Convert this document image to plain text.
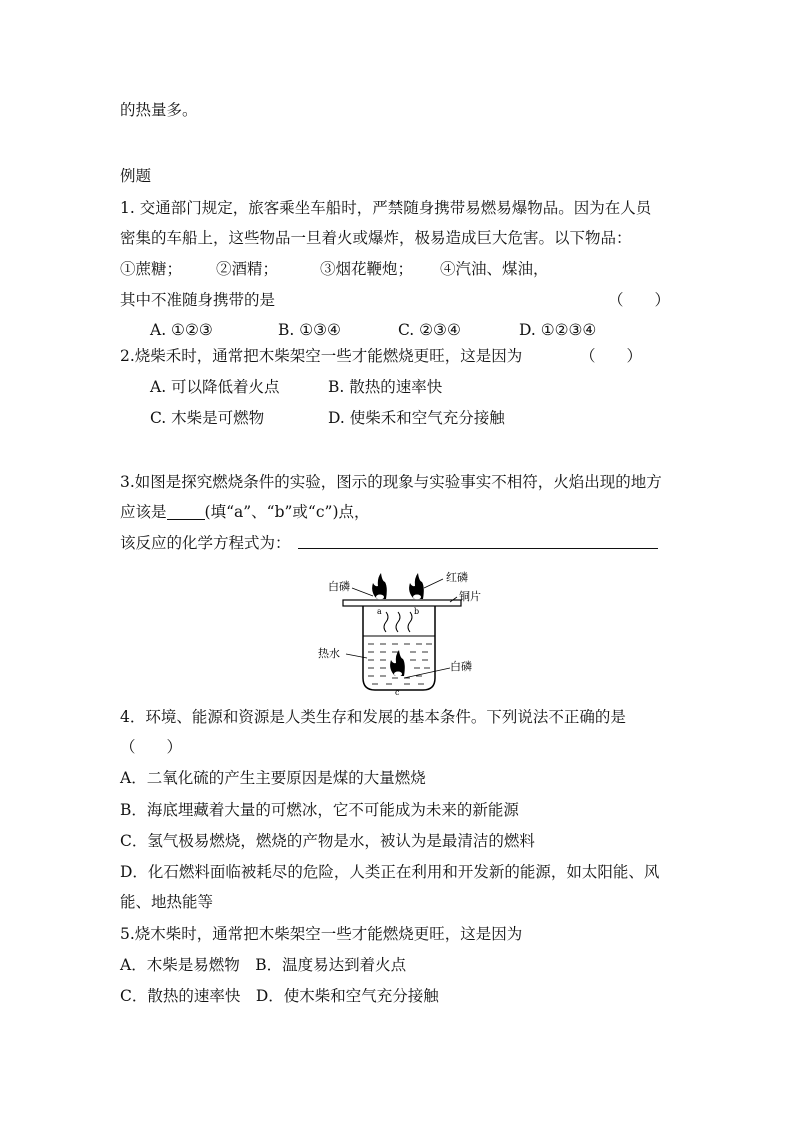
的热量多。
例题
1. 交通部门规定，旅客乘坐车船时，严禁随身携带易燃易爆物品。因为在人员
密集的车船上，这些物品一旦着火或爆炸，极易造成巨大危害。以下物品：
①蔗糖； ②酒精；	③烟花鞭炮； ④汽油、煤油，
其中不准随身携带的是	（　　）
A. ①②③	B. ①③④	C. ②③④	D. ①②③④
2.烧柴禾时，通常把木柴架空一些才能燃烧更旺，这是因为	（　　）
A. 可以降低着火点	B. 散热的速率快
C. 木柴是可燃物	D. 使柴禾和空气充分接触
3.如图是探究燃烧条件的实验，图示的现象与实验事实不相符，火焰出现的地方
应该是 (填“a”、“b”或“c”)点，
该反应的化学方程式为：
白磷
红磷
铜片
热水
白磷
a	b
c
4．环境、能源和资源是人类生存和发展的基本条件。下列说法不正确的是
（　　）
A．二氧化硫的产生主要原因是煤的大量燃烧
B．海底埋藏着大量的可燃冰，它不可能成为未来的新能源
C．氢气极易燃烧，燃烧的产物是水，被认为是最清洁的燃料
D．化石燃料面临被耗尽的危险，人类正在利用和开发新的能源，如太阳能、风
能、地热能等
5.烧木柴时，通常把木柴架空一些才能燃烧更旺，这是因为
A．木柴是易燃物　B．温度易达到着火点
C．散热的速率快　D．使木柴和空气充分接触
